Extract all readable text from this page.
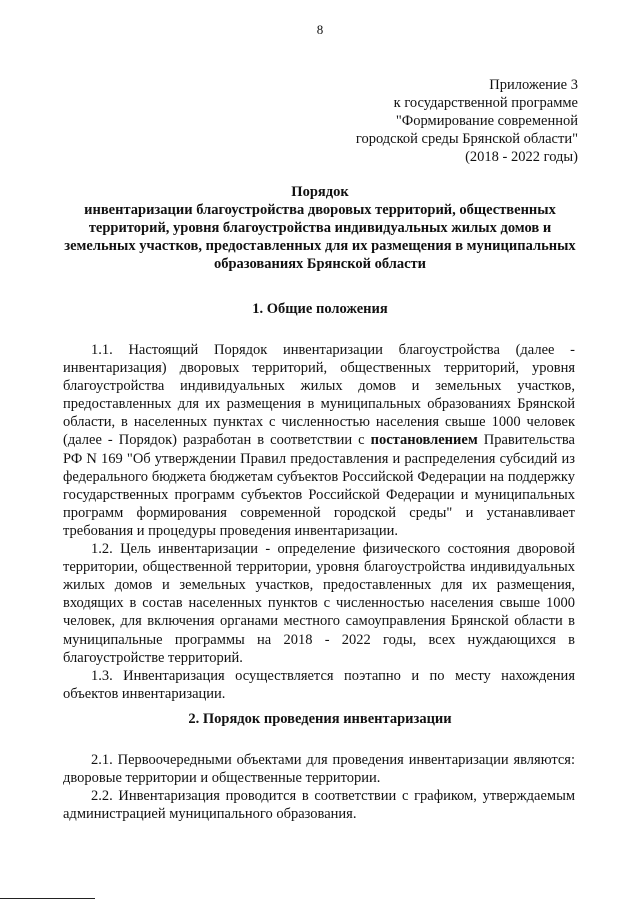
8
Приложение 3
к государственной программе
"Формирование современной
городской среды Брянской области"
(2018 - 2022 годы)
Порядок
инвентаризации благоустройства дворовых территорий, общественных
территорий, уровня благоустройства индивидуальных жилых домов и
земельных участков, предоставленных для их размещения в муниципальных
образованиях Брянской области
1. Общие положения

1.1. Настоящий Порядок инвентаризации благоустройства (далее - инвентаризация) дворовых территорий, общественных территорий, уровня благоустройства индивидуальных жилых домов и земельных участков, предоставленных для их размещения в муниципальных образованиях Брянской области, в населенных пунктах с численностью населения свыше 1000 человек (далее - Порядок) разработан в соответствии с постановлением Правительства РФ N 169 "Об утверждении Правил предоставления и распределения субсидий из федерального бюджета бюджетам субъектов Российской Федерации на поддержку государственных программ субъектов Российской Федерации и муниципальных программ формирования современной городской среды" и устанавливает требования и процедуры проведения инвентаризации.

1.2. Цель инвентаризации - определение физического состояния дворовой территории, общественной территории, уровня благоустройства индивидуальных жилых домов и земельных участков, предоставленных для их размещения, входящих в состав населенных пунктов с численностью населения свыше 1000 человек, для включения органами местного самоуправления Брянской области в муниципальные программы на 2018 - 2022 годы, всех нуждающихся в благоустройстве территорий.

1.3. Инвентаризация осуществляется поэтапно и по месту нахождения объектов инвентаризации.

2. Порядок проведения инвентаризации

2.1. Первоочередными объектами для проведения инвентаризации являются: дворовые территории и общественные территории.

2.2. Инвентаризация проводится в соответствии с графиком, утверждаемым администрацией муниципального образования.
